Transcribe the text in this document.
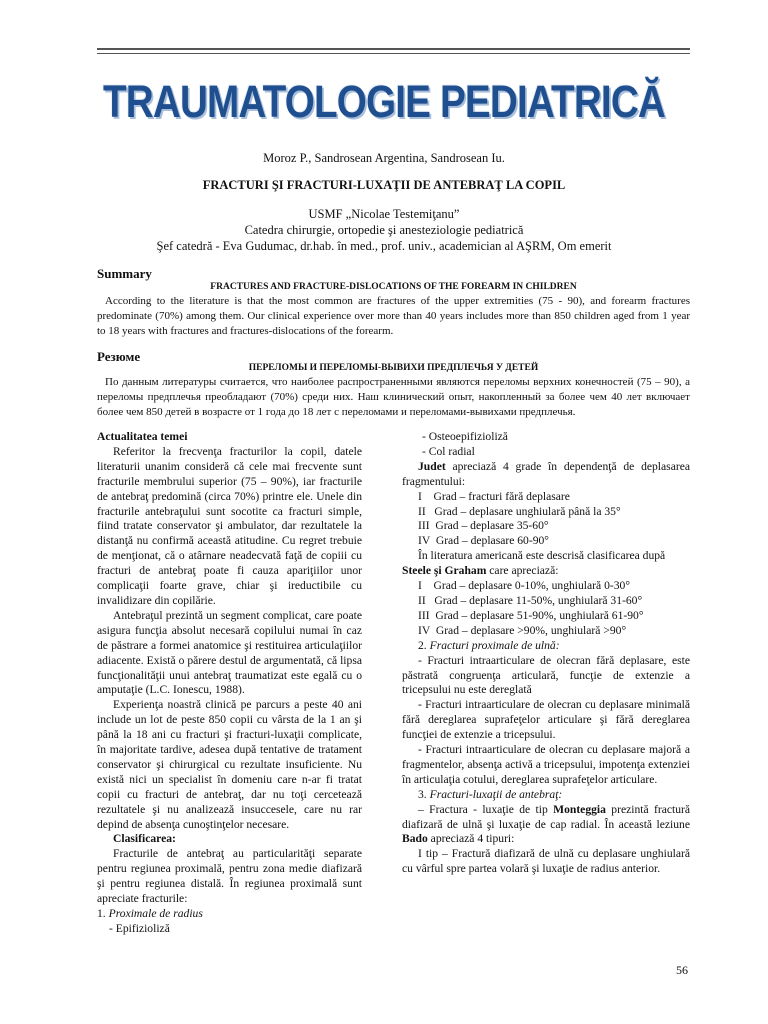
TRAUMATOLOGIE PEDIATRICĂ
Moroz P., Sandrosean Argentina, Sandrosean Iu.
FRACTURI ŞI FRACTURI-LUXAŢII DE ANTEBRAŢ LA COPIL
USMF „Nicolae Testemiţanu”
Catedra chirurgie, ortopedie şi anesteziologie pediatrică
Şef catedră - Eva Gudumac, dr.hab. în med., prof. univ., academician al AŞRM, Om emerit
Summary
FRACTURES AND FRACTURE-DISLOCATIONS OF THE FOREARM IN CHILDREN

According to the literature is that the most common are fractures of the upper extremities (75 - 90), and forearm fractures predominate (70%) among them. Our clinical experience over more than 40 years includes more than 850 children aged from 1 year to 18 years with fractures and fractures-dislocations of the forearm.

Резюме
ПЕРЕЛОМЫ И ПЕРЕЛОМЫ-ВЫВИХИ ПРЕДПЛЕЧЬЯ У ДЕТЕЙ

По данным литературы считается, что наиболее распространенными являются переломы верхних конечностей (75 – 90), а переломы предплечья преобладают (70%) среди них. Наш клинический опыт, накопленный за более чем 40 лет включает более чем 850 детей в возрасте от 1 года до 18 лет с переломами и переломами-вывихами предплечья.

Actualitatea temei

Referitor la frecvenţa fracturilor la copil, datele literaturii unanim consideră că cele mai frecvente sunt fracturile membrului superior (75 – 90%), iar fracturile de antebraţ predomină (circa 70%) printre ele. Unele din fracturile antebraţului sunt socotite ca fracturi simple, fiind tratate conservator şi ambulator, dar rezultatele la distanţă nu confirmă această atitudine. Cu regret trebuie de menţionat, că o atârnare neadecvată faţă de copiii cu fracturi de antebraţ poate fi cauza apariţiilor unor complicaţii foarte grave, chiar şi ireductibile cu invalidizare din copilărie.

Antebraţul prezintă un segment complicat, care poate asigura funcţia absolut necesară copilului numai în caz de păstrare a formei anatomice şi restituirea articulaţiilor adiacente. Există o părere destul de argumentată, că lipsa funcţionalităţii unui antebraţ traumatizat este egală cu o amputaţie (L.C. Ionescu, 1988).

Experienţa noastră clinică pe parcurs a peste 40 ani include un lot de peste 850 copii cu vârsta de la 1 an şi până la 18 ani cu fracturi şi fracturi-luxaţii complicate, în majoritate tardive, adesea după tentative de tratament conservator şi chirurgical cu rezultate insuficiente. Nu există nici un specialist în domeniu care n-ar fi tratat copii cu fracturi de antebraţ, dar nu toţi cercetează rezultatele şi nu analizează insuccesele, care nu rar depind de absenţa cunoştinţelor necesare.

Clasificarea:

Fracturile de antebraţ au particularităţi separate pentru regiunea proximală, pentru zona medie diafizară şi pentru regiunea distală. În regiunea proximală sunt apreciate fracturile:

1. Proximale de radius

- Epifizioliză

- Osteoepifizioliză

- Col radial

Judet apreciază 4 grade în dependenţă de deplasarea fragmentului:

I    Grad – fracturi fără deplasare

II   Grad – deplasare unghiulară până la 35°

III  Grad – deplasare 35-60°

IV  Grad – deplasare 60-90°

În literatura americană este descrisă clasificarea după

Steele şi Graham care apreciază:

I    Grad – deplasare 0-10%, unghiulară 0-30°

II   Grad – deplasare 11-50%, unghiulară 31-60°

III  Grad – deplasare 51-90%, unghiulară 61-90°

IV  Grad – deplasare >90%, unghiulară >90°

2. Fracturi proximale de ulnă:

- Fracturi intraarticulare de olecran fără deplasare, este păstrată congruenţa articulară, funcţie de extenzie a tricepsului nu este dereglată

- Fracturi intraarticulare de olecran cu deplasare minimală fără dereglarea suprafeţelor articulare şi fără dereglarea funcţiei de extenzie a tricepsului.

- Fracturi intraarticulare de olecran cu deplasare majoră a fragmentelor, absenţa activă a tricepsului, impotenţa extenziei în articulaţia cotului, dereglarea suprafeţelor articulare.

3. Fracturi-luxaţii de antebraţ:

– Fractura - luxaţie de tip Monteggia prezintă fractură diafizară de ulnă şi luxaţie de cap radial. În această leziune Bado apreciază 4 tipuri:

I tip – Fractură diafizară de ulnă cu deplasare unghiulară cu vârful spre partea volară şi luxaţie de radius anterior.

56
